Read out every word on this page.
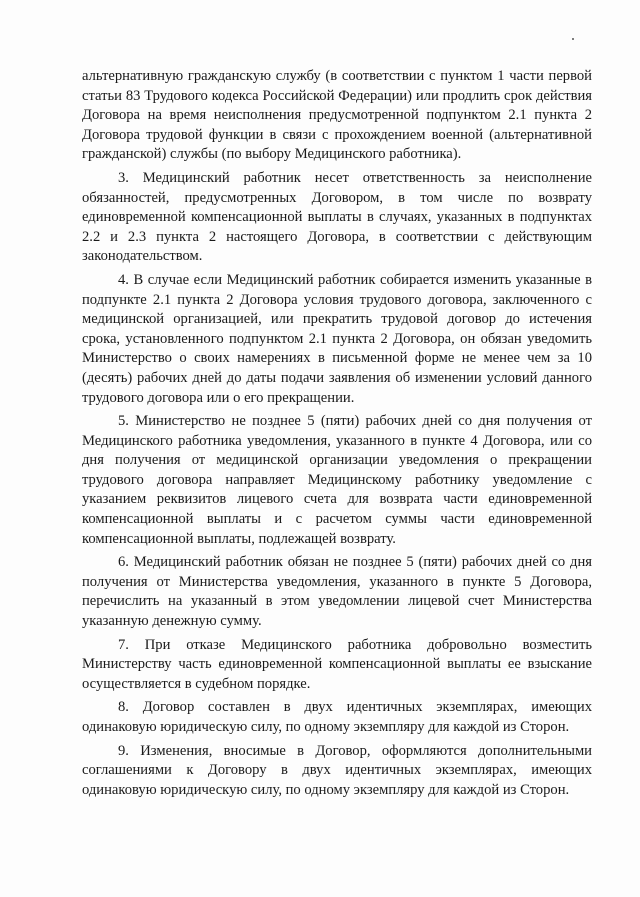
альтернативную гражданскую службу (в соответствии с пунктом 1 части первой статьи 83 Трудового кодекса Российской Федерации) или продлить срок действия Договора на время неисполнения предусмотренной подпунктом 2.1 пункта 2 Договора трудовой функции в связи с прохождением военной (альтернативной гражданской) службы (по выбору Медицинского работника).

3. Медицинский работник несет ответственность за неисполнение обязанностей, предусмотренных Договором, в том числе по возврату единовременной компенсационной выплаты в случаях, указанных в подпунктах 2.2 и 2.3 пункта 2 настоящего Договора, в соответствии с действующим законодательством.

4. В случае если Медицинский работник собирается изменить указанные в подпункте 2.1 пункта 2 Договора условия трудового договора, заключенного с медицинской организацией, или прекратить трудовой договор до истечения срока, установленного подпунктом 2.1 пункта 2 Договора, он обязан уведомить Министерство о своих намерениях в письменной форме не менее чем за 10 (десять) рабочих дней до даты подачи заявления об изменении условий данного трудового договора или о его прекращении.

5. Министерство не позднее 5 (пяти) рабочих дней со дня получения от Медицинского работника уведомления, указанного в пункте 4 Договора, или со дня получения от медицинской организации уведомления о прекращении трудового договора направляет Медицинскому работнику уведомление с указанием реквизитов лицевого счета для возврата части единовременной компенсационной выплаты и с расчетом суммы части единовременной компенсационной выплаты, подлежащей возврату.

6. Медицинский работник обязан не позднее 5 (пяти) рабочих дней со дня получения от Министерства уведомления, указанного в пункте 5 Договора, перечислить на указанный в этом уведомлении лицевой счет Министерства указанную денежную сумму.

7. При отказе Медицинского работника добровольно возместить Министерству часть единовременной компенсационной выплаты ее взыскание осуществляется в судебном порядке.

8. Договор составлен в двух идентичных экземплярах, имеющих одинаковую юридическую силу, по одному экземпляру для каждой из Сторон.

9. Изменения, вносимые в Договор, оформляются дополнительными соглашениями к Договору в двух идентичных экземплярах, имеющих одинаковую юридическую силу, по одному экземпляру для каждой из Сторон.
